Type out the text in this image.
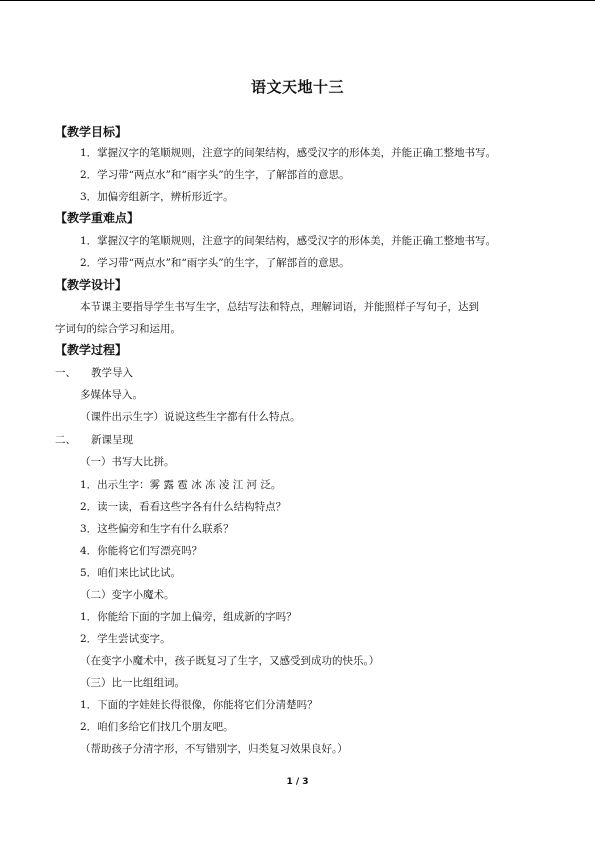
语文天地十三
【教学目标】
1．掌握汉字的笔顺规则，注意字的间架结构，感受汉字的形体美，并能正确工整地书写。
2．学习带“两点水”和“雨字头”的生字，了解部首的意思。
3．加偏旁组新字，辨析形近字。
【教学重难点】
1．掌握汉字的笔顺规则，注意字的间架结构，感受汉字的形体美，并能正确工整地书写。
2．学习带“两点水”和“雨字头”的生字，了解部首的意思。
【教学设计】
本节课主要指导学生书写生字，总结写法和特点，理解词语，并能照样子写句子，达到
字词句的综合学习和运用。
【教学过程】
一、 教学导入
多媒体导入。
（课件出示生字）说说这些生字都有什么特点。
二、 新课呈现
（一）书写大比拼。
1．出示生字：雾 露 雹 冰 冻 凌 江 河 泛。
2．读一读，看看这些字各有什么结构特点？
3．这些偏旁和生字有什么联系？
4．你能将它们写漂亮吗？
5．咱们来比试比试。
（二）变字小魔术。
1．你能给下面的字加上偏旁，组成新的字吗？
2．学生尝试变字。
（在变字小魔术中，孩子既复习了生字，又感受到成功的快乐。）
（三）比一比组组词。
1．下面的字娃娃长得很像，你能将它们分清楚吗？
2．咱们多给它们找几个朋友吧。
（帮助孩子分清字形，不写错别字，归类复习效果良好。）
1 / 3
